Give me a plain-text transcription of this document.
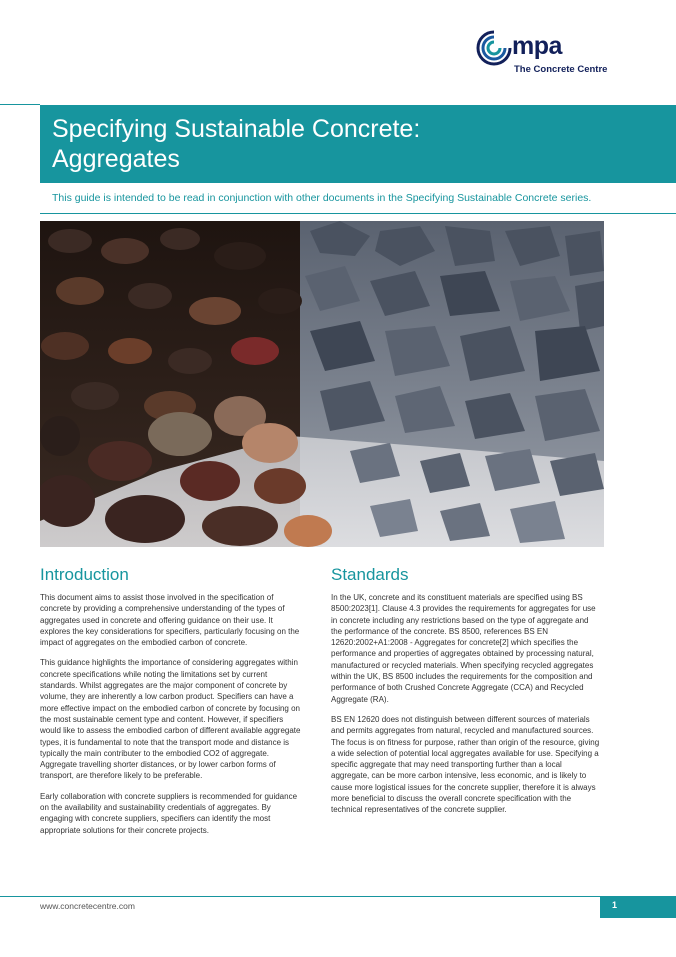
mpa
The Concrete Centre
Specifying Sustainable Concrete:
Aggregates
This guide is intended to be read in conjunction with other documents in the Specifying Sustainable Concrete series.
Introduction

This document aims to assist those involved in the specification of concrete by providing a comprehensive understanding of the types of aggregates used in concrete and offering guidance on their use. It explores the key considerations for specifiers, particularly focusing on the impact of aggregates on the embodied carbon of concrete.

This guidance highlights the importance of considering aggregates within concrete specifications while noting the limitations set by current standards. Whilst aggregates are the major component of concrete by volume, they are inherently a low carbon product. Specifiers can have a more effective impact on the embodied carbon of concrete by focusing on the most sustainable cement type and content. However, if specifiers would like to assess the embodied carbon of different available aggregate types, it is fundamental to note that the transport mode and distance is typically the main contributer to the embodied CO2 of aggregate. Aggregate travelling shorter distances, or by lower carbon forms of transport, are therefore likely to be preferable.

Early collaboration with concrete suppliers is recommended for guidance on the availability and sustainability credentials of aggregates. By engaging with concrete suppliers, specifiers can identify the most appropriate solutions for their concrete projects.

Standards

In the UK, concrete and its constituent materials are specified using BS 8500:2023[1]. Clause 4.3 provides the requirements for aggregates for use in concrete including any restrictions based on the type of aggregate and the performance of the concrete. BS 8500, references BS EN 12620:2002+A1:2008 - Aggregates for concrete[2] which specifies the performance and properties of aggregates obtained by processing natural, manufactured or recycled materials. When specifying recycled aggregates within the UK, BS 8500 includes the requirements for the composition and performance of both Crushed Concrete Aggregate (CCA) and Recycled Aggregate (RA).

BS EN 12620 does not distinguish between different sources of materials and permits aggregates from natural, recycled and manufactured sources. The focus is on fitness for purpose, rather than origin of the resource, giving a wide selection of potential local aggregates available for use. Specifying a specific aggregate that may need transporting further than a local aggregate, can be more carbon intensive, less economic, and is likely to cause more logistical issues for the concrete supplier, therefore it is always more beneficial to discuss the overall concrete specification with the technical representatives of the concrete supplier.

www.concretecentre.com	1
